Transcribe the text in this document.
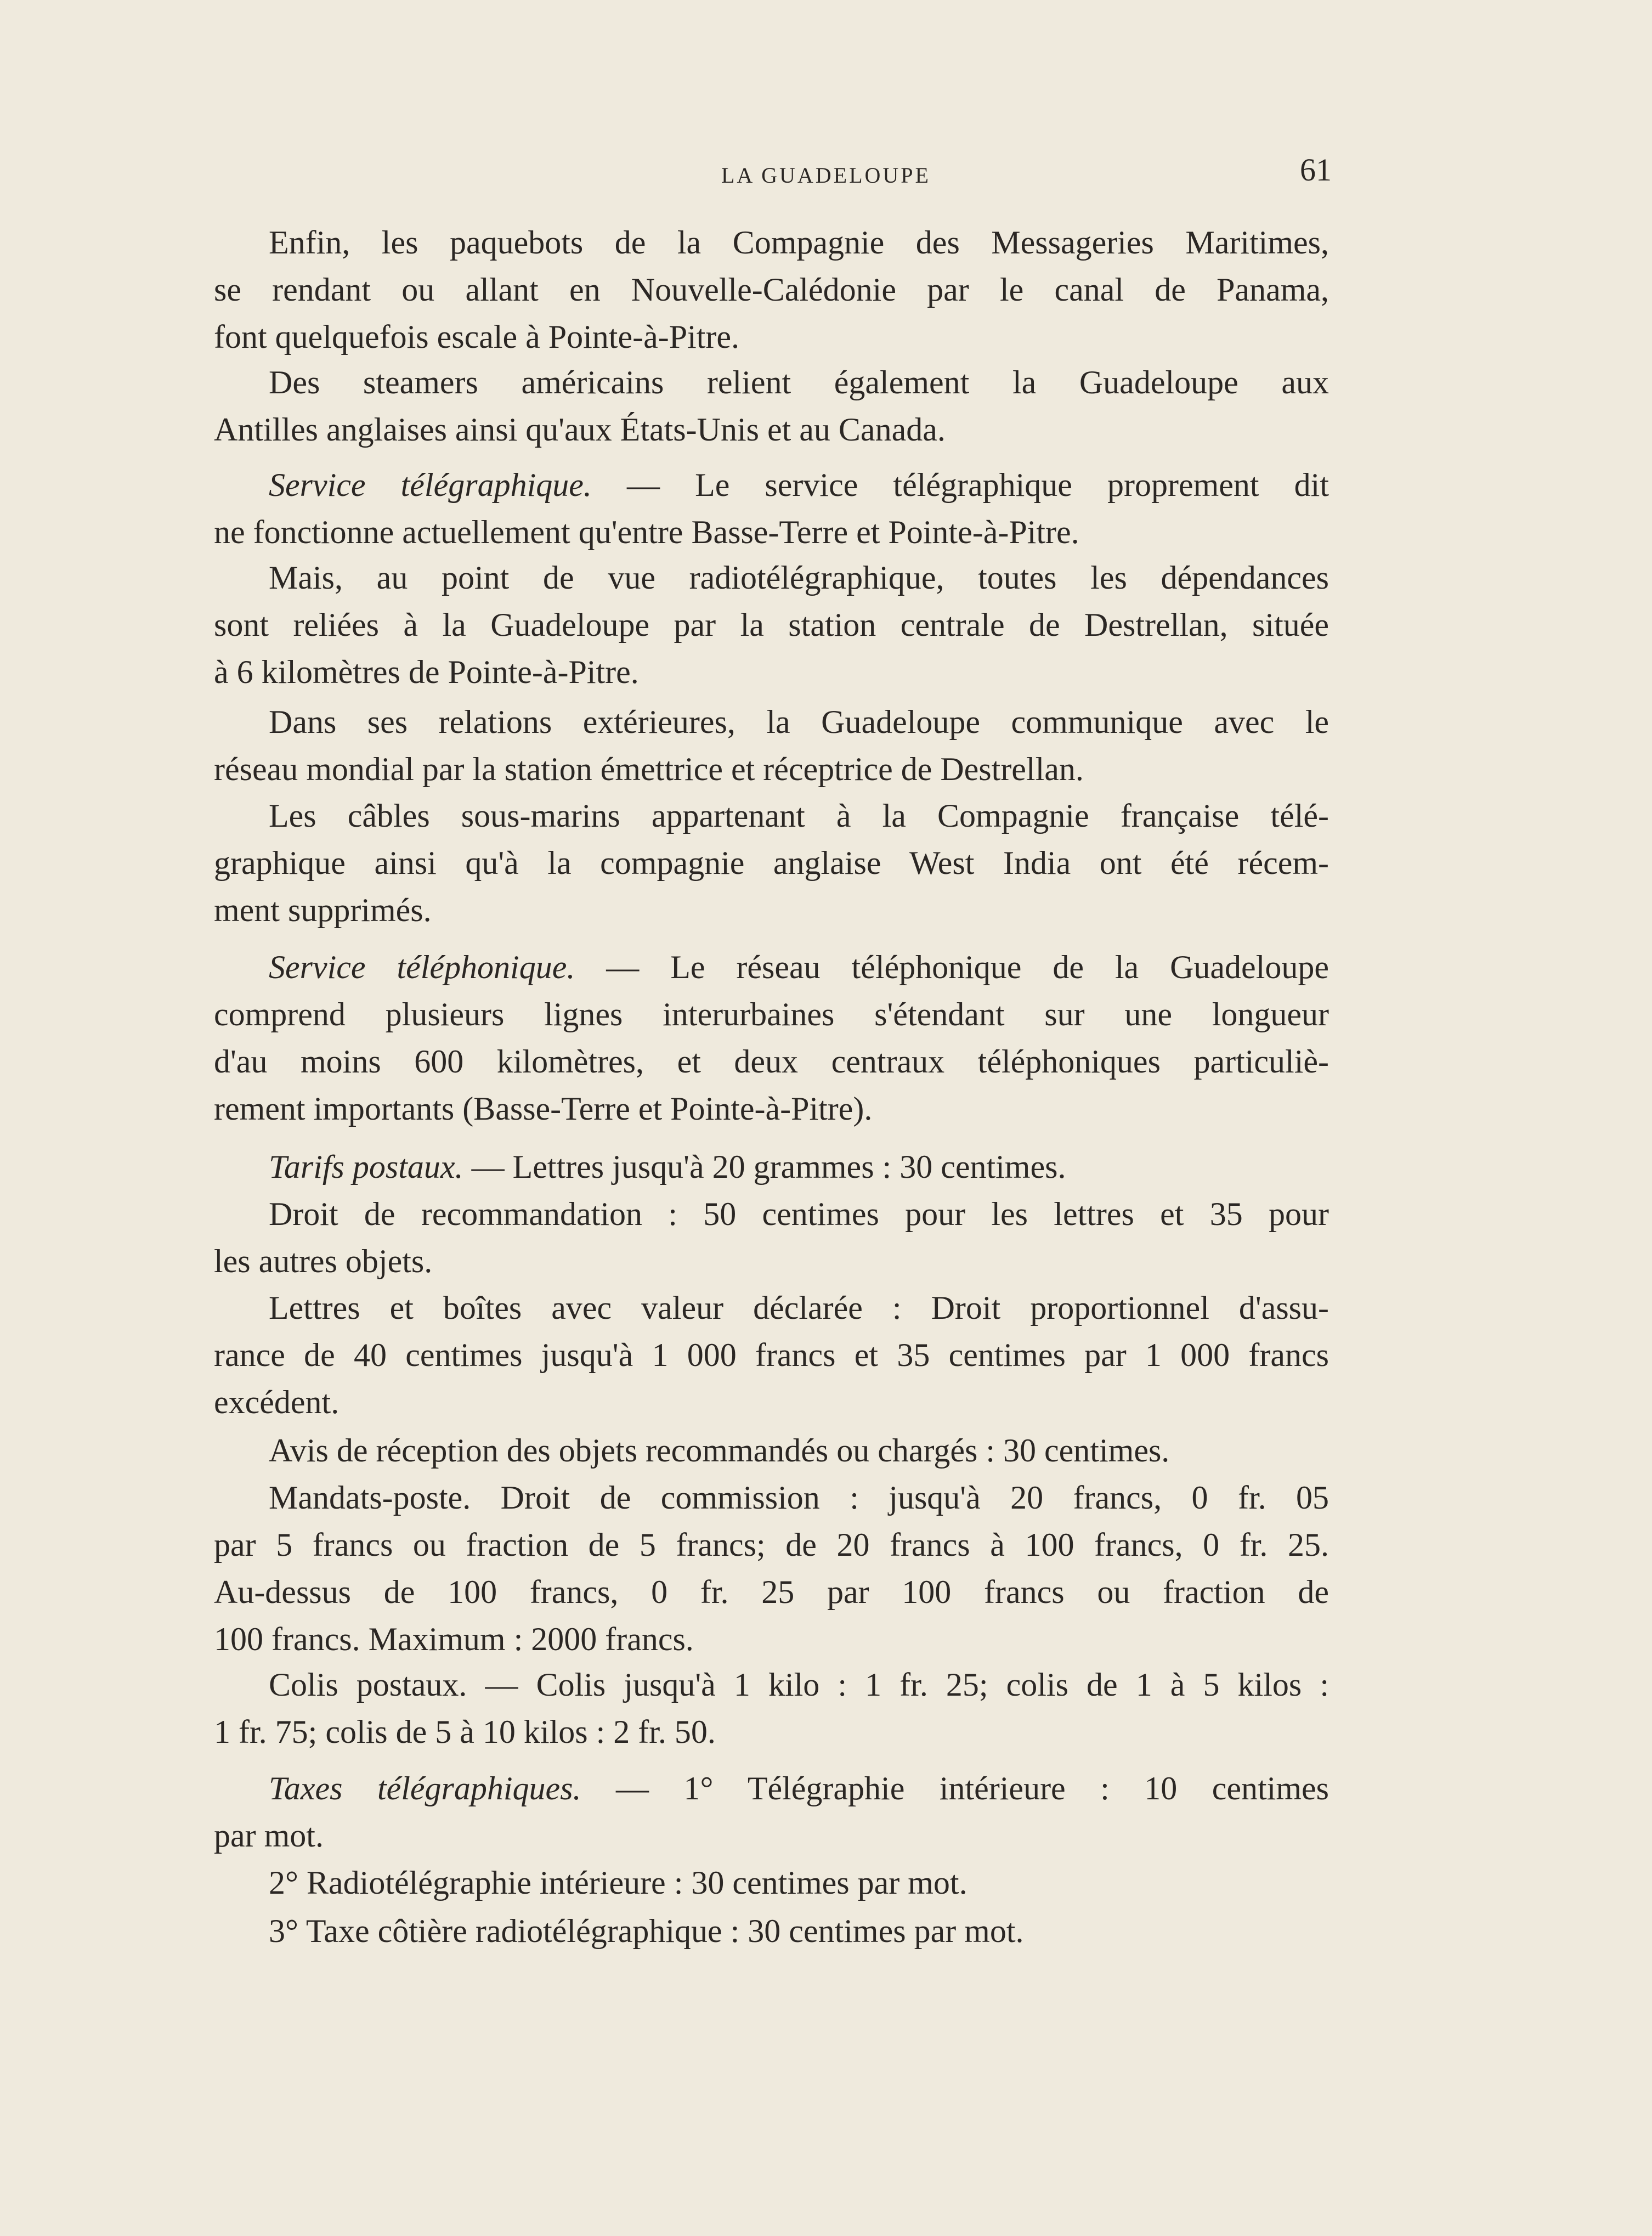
LA GUADELOUPE	61
Enfin, les paquebots de la Compagnie des Messageries Maritimes,
se rendant ou allant en Nouvelle-Calédonie par le canal de Panama,
font quelquefois escale à Pointe-à-Pitre.
Des steamers américains relient également la Guadeloupe aux
Antilles anglaises ainsi qu'aux États-Unis et au Canada.
Service télégraphique. — Le service télégraphique proprement dit
ne fonctionne actuellement qu'entre Basse-Terre et Pointe-à-Pitre.
Mais, au point de vue radiotélégraphique, toutes les dépendances
sont reliées à la Guadeloupe par la station centrale de Destrellan, située
à 6 kilomètres de Pointe-à-Pitre.
Dans ses relations extérieures, la Guadeloupe communique avec le
réseau mondial par la station émettrice et réceptrice de Destrellan.
Les câbles sous-marins appartenant à la Compagnie française télé-
graphique ainsi qu'à la compagnie anglaise West India ont été récem-
ment supprimés.
Service téléphonique. — Le réseau téléphonique de la Guadeloupe
comprend plusieurs lignes interurbaines s'étendant sur une longueur
d'au moins 600 kilomètres, et deux centraux téléphoniques particuliè-
rement importants (Basse-Terre et Pointe-à-Pitre).
Tarifs postaux. — Lettres jusqu'à 20 grammes : 30 centimes.
Droit de recommandation : 50 centimes pour les lettres et 35 pour
les autres objets.
Lettres et boîtes avec valeur déclarée : Droit proportionnel d'assu-
rance de 40 centimes jusqu'à 1 000 francs et 35 centimes par 1 000 francs
excédent.
Avis de réception des objets recommandés ou chargés : 30 centimes.
Mandats-poste. Droit de commission : jusqu'à 20 francs, 0 fr. 05
par 5 francs ou fraction de 5 francs; de 20 francs à 100 francs, 0 fr. 25.
Au-dessus de 100 francs, 0 fr. 25 par 100 francs ou fraction de
100 francs. Maximum : 2000 francs.
Colis postaux. — Colis jusqu'à 1 kilo : 1 fr. 25; colis de 1 à 5 kilos :
1 fr. 75; colis de 5 à 10 kilos : 2 fr. 50.
Taxes télégraphiques. — 1° Télégraphie intérieure : 10 centimes
par mot.
2° Radiotélégraphie intérieure : 30 centimes par mot.
3° Taxe côtière radiotélégraphique : 30 centimes par mot.
